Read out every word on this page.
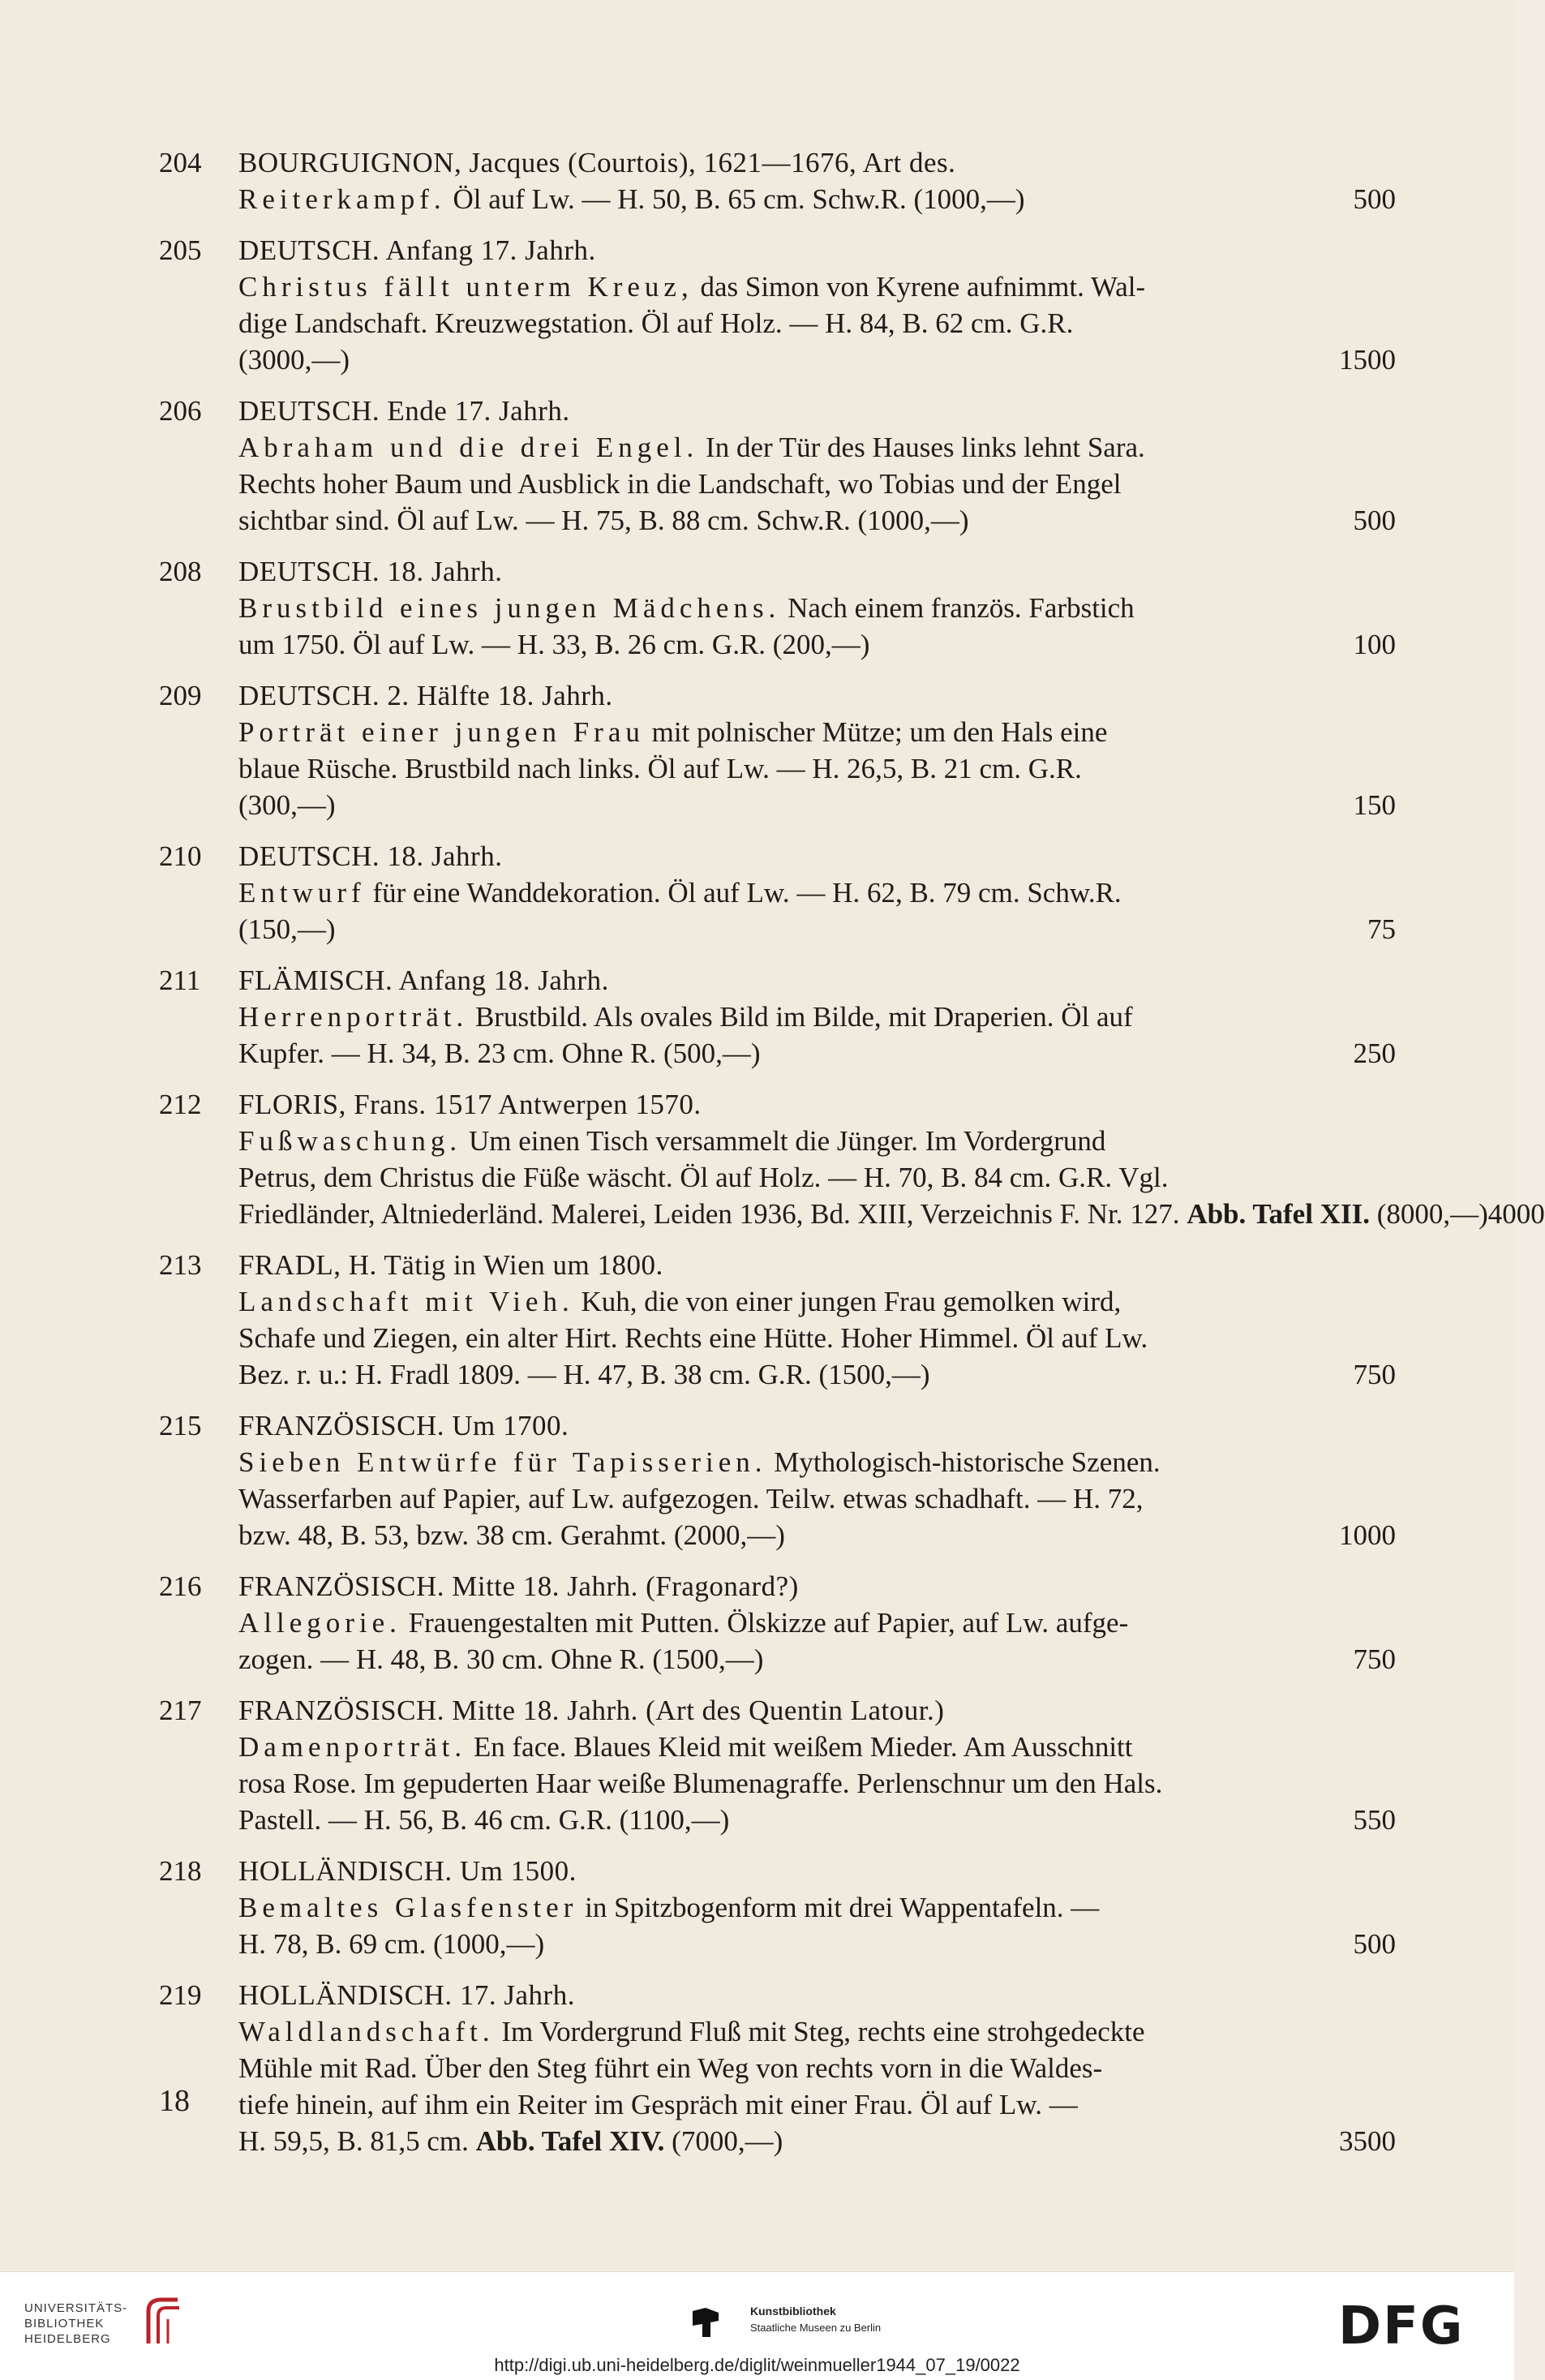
204	BOURGUIGNON, Jacques (Courtois), 1621—1676, Art des.
Reiterkampf. Öl auf Lw. — H. 50, B. 65 cm. Schw.R. (1000,—)	500
205	DEUTSCH. Anfang 17. Jahrh.
Christus fällt unterm Kreuz, das Simon von Kyrene aufnimmt. Wal-
dige Landschaft. Kreuzwegstation. Öl auf Holz. — H. 84, B. 62 cm. G.R.
(3000,—)	1500
206	DEUTSCH. Ende 17. Jahrh.
Abraham und die drei Engel. In der Tür des Hauses links lehnt Sara.
Rechts hoher Baum und Ausblick in die Landschaft, wo Tobias und der Engel
sichtbar sind. Öl auf Lw. — H. 75, B. 88 cm. Schw.R. (1000,—)	500
208	DEUTSCH. 18. Jahrh.
Brustbild eines jungen Mädchens. Nach einem französ. Farbstich
um 1750. Öl auf Lw. — H. 33, B. 26 cm. G.R. (200,—)	100
209	DEUTSCH. 2. Hälfte 18. Jahrh.
Porträt einer jungen Frau mit polnischer Mütze; um den Hals eine
blaue Rüsche. Brustbild nach links. Öl auf Lw. — H. 26,5, B. 21 cm. G.R.
(300,—)	150
210	DEUTSCH. 18. Jahrh.
Entwurf für eine Wanddekoration. Öl auf Lw. — H. 62, B. 79 cm. Schw.R.
(150,—)	75
211	FLÄMISCH. Anfang 18. Jahrh.
Herrenporträt. Brustbild. Als ovales Bild im Bilde, mit Draperien. Öl auf
Kupfer. — H. 34, B. 23 cm. Ohne R. (500,—)	250
212	FLORIS, Frans. 1517 Antwerpen 1570.
Fußwaschung. Um einen Tisch versammelt die Jünger. Im Vordergrund
Petrus, dem Christus die Füße wäscht. Öl auf Holz. — H. 70, B. 84 cm. G.R. Vgl.
Friedländer, Altniederländ. Malerei, Leiden 1936, Bd. XIII, Verzeichnis F. Nr. 127. Abb. Tafel XII. (8000,—) 4000
213	FRADL, H. Tätig in Wien um 1800.
Landschaft mit Vieh. Kuh, die von einer jungen Frau gemolken wird,
Schafe und Ziegen, ein alter Hirt. Rechts eine Hütte. Hoher Himmel. Öl auf Lw.
Bez. r. u.: H. Fradl 1809. — H. 47, B. 38 cm. G.R. (1500,—)	750
215	FRANZÖSISCH. Um 1700.
Sieben Entwürfe für Tapisserien. Mythologisch-historische Szenen.
Wasserfarben auf Papier, auf Lw. aufgezogen. Teilw. etwas schadhaft. — H. 72,
bzw. 48, B. 53, bzw. 38 cm. Gerahmt. (2000,—)	1000
216	FRANZÖSISCH. Mitte 18. Jahrh. (Fragonard?)
Allegorie. Frauengestalten mit Putten. Ölskizze auf Papier, auf Lw. aufge-
zogen. — H. 48, B. 30 cm. Ohne R. (1500,—)	750
217	FRANZÖSISCH. Mitte 18. Jahrh. (Art des Quentin Latour.)
Damenporträt. En face. Blaues Kleid mit weißem Mieder. Am Ausschnitt
rosa Rose. Im gepuderten Haar weiße Blumenagraffe. Perlenschnur um den Hals.
Pastell. — H. 56, B. 46 cm. G.R. (1100,—)	550
218	HOLLÄNDISCH. Um 1500.
Bemaltes Glasfenster in Spitzbogenform mit drei Wappentafeln. —
H. 78, B. 69 cm. (1000,—)	500
219	HOLLÄNDISCH. 17. Jahrh.
Waldlandschaft. Im Vordergrund Fluß mit Steg, rechts eine strohgedeckte
Mühle mit Rad. Über den Steg führt ein Weg von rechts vorn in die Waldes-
tiefe hinein, auf ihm ein Reiter im Gespräch mit einer Frau. Öl auf Lw. —
H. 59,5, B. 81,5 cm. Abb. Tafel XIV. (7000,—)	3500
18
UNIVERSITÄTS-
BIBLIOTHEK
HEIDELBERG
Kunstbibliothek
Staatliche Museen zu Berlin	DFG
http://digi.ub.uni-heidelberg.de/diglit/weinmueller1944_07_19/0022
